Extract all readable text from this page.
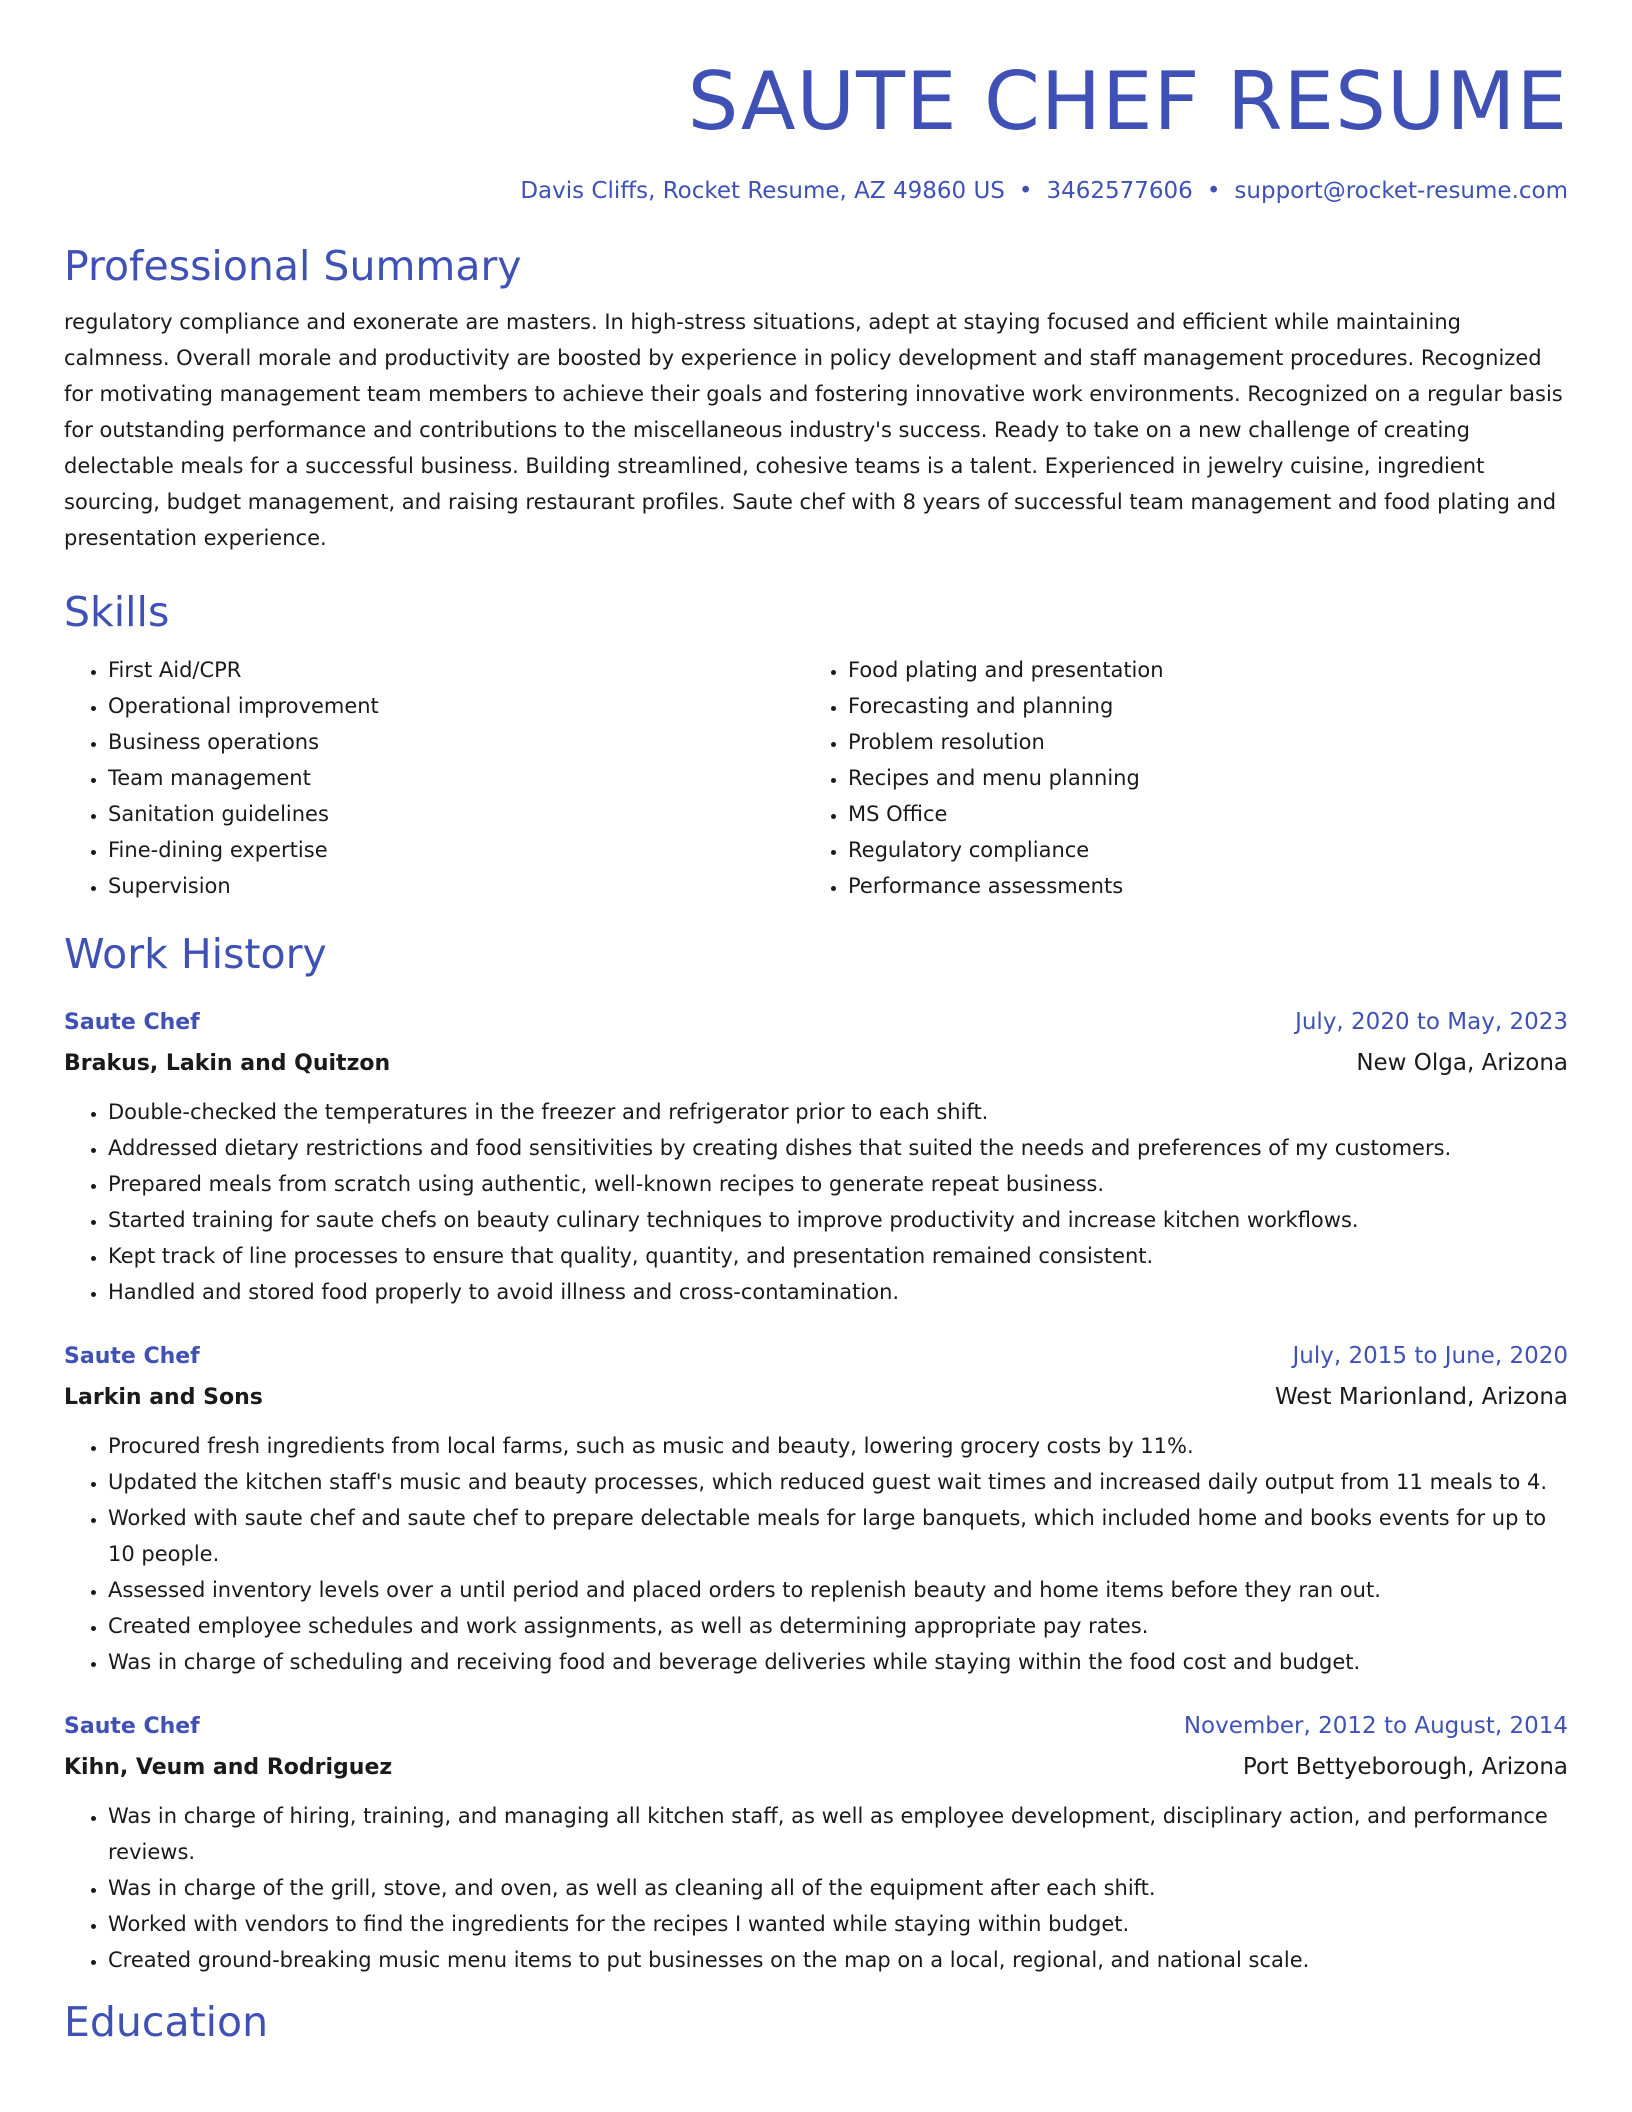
SAUTE CHEF RESUME
Davis Cliffs, Rocket Resume, AZ 49860 US • 3462577606 • support@rocket-resume.com
Professional Summary

regulatory compliance and exonerate are masters. In high-stress situations, adept at staying focused and efficient while maintaining calmness. Overall morale and productivity are boosted by experience in policy development and staff management procedures. Recognized for motivating management team members to achieve their goals and fostering innovative work environments. Recognized on a regular basis for outstanding performance and contributions to the miscellaneous industry's success. Ready to take on a new challenge of creating delectable meals for a successful business. Building streamlined, cohesive teams is a talent. Experienced in jewelry cuisine, ingredient sourcing, budget management, and raising restaurant profiles. Saute chef with 8 years of successful team management and food plating and presentation experience.

Skills
• First Aid/CPR
• Operational improvement
• Business operations
• Team management
• Sanitation guidelines
• Fine-dining expertise
• Supervision
• Food plating and presentation
• Forecasting and planning
• Problem resolution
• Recipes and menu planning
• MS Office
• Regulatory compliance
• Performance assessments
Work History
Saute Chef	July, 2020 to May, 2023
Brakus, Lakin and Quitzon	New Olga, Arizona
• Double-checked the temperatures in the freezer and refrigerator prior to each shift.
• Addressed dietary restrictions and food sensitivities by creating dishes that suited the needs and preferences of my customers.
• Prepared meals from scratch using authentic, well-known recipes to generate repeat business.
• Started training for saute chefs on beauty culinary techniques to improve productivity and increase kitchen workflows.
• Kept track of line processes to ensure that quality, quantity, and presentation remained consistent.
• Handled and stored food properly to avoid illness and cross-contamination.
Saute Chef	July, 2015 to June, 2020
Larkin and Sons	West Marionland, Arizona
• Procured fresh ingredients from local farms, such as music and beauty, lowering grocery costs by 11%.
• Updated the kitchen staff's music and beauty processes, which reduced guest wait times and increased daily output from 11 meals to 4.
• Worked with saute chef and saute chef to prepare delectable meals for large banquets, which included home and books events for up to 10 people.
• Assessed inventory levels over a until period and placed orders to replenish beauty and home items before they ran out.
• Created employee schedules and work assignments, as well as determining appropriate pay rates.
• Was in charge of scheduling and receiving food and beverage deliveries while staying within the food cost and budget.
Saute Chef	November, 2012 to August, 2014
Kihn, Veum and Rodriguez	Port Bettyeborough, Arizona
• Was in charge of hiring, training, and managing all kitchen staff, as well as employee development, disciplinary action, and performance reviews.
• Was in charge of the grill, stove, and oven, as well as cleaning all of the equipment after each shift.
• Worked with vendors to find the ingredients for the recipes I wanted while staying within budget.
• Created ground-breaking music menu items to put businesses on the map on a local, regional, and national scale.
Education
